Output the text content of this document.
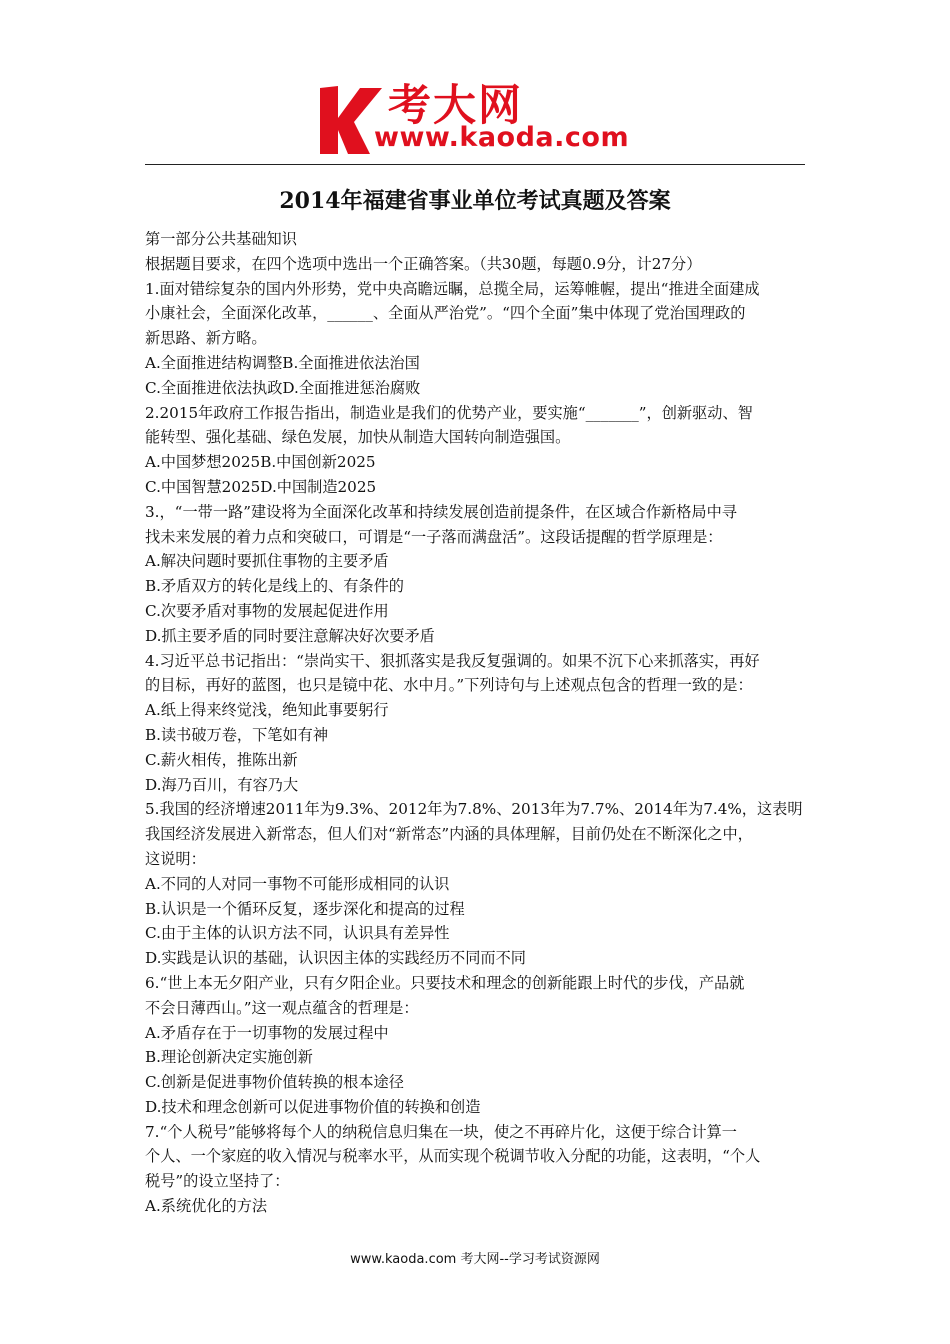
考大网
www.kaoda.com
2014年福建省事业单位考试真题及答案
第一部分公共基础知识
根据题目要求，在四个选项中选出一个正确答案。（共30题，每题0.9分，计27分）
1.面对错综复杂的国内外形势，党中央高瞻远瞩，总揽全局，运筹帷幄，提出“推进全面建成
小康社会，全面深化改革，______、全面从严治党”。“四个全面”集中体现了党治国理政的
新思路、新方略。
A.全面推进结构调整B.全面推进依法治国
C.全面推进依法执政D.全面推进惩治腐败
2.2015年政府工作报告指出，制造业是我们的优势产业，要实施“_______”，创新驱动、智
能转型、强化基础、绿色发展，加快从制造大国转向制造强国。
A.中国梦想2025B.中国创新2025
C.中国智慧2025D.中国制造2025
3.，“一带一路”建设将为全面深化改革和持续发展创造前提条件，在区域合作新格局中寻
找未来发展的着力点和突破口，可谓是“一子落而满盘活”。这段话提醒的哲学原理是：
A.解决问题时要抓住事物的主要矛盾
B.矛盾双方的转化是线上的、有条件的
C.次要矛盾对事物的发展起促进作用
D.抓主要矛盾的同时要注意解决好次要矛盾
4.习近平总书记指出：“崇尚实干、狠抓落实是我反复强调的。如果不沉下心来抓落实，再好
的目标，再好的蓝图，也只是镜中花、水中月。”下列诗句与上述观点包含的哲理一致的是：
A.纸上得来终觉浅，绝知此事要躬行
B.读书破万卷，下笔如有神
C.薪火相传，推陈出新
D.海乃百川，有容乃大
5.我国的经济增速2011年为9.3%、2012年为7.8%、2013年为7.7%、2014年为7.4%，这表明
我国经济发展进入新常态，但人们对“新常态”内涵的具体理解，目前仍处在不断深化之中，
这说明：
A.不同的人对同一事物不可能形成相同的认识
B.认识是一个循环反复，逐步深化和提高的过程
C.由于主体的认识方法不同，认识具有差异性
D.实践是认识的基础，认识因主体的实践经历不同而不同
6.“世上本无夕阳产业，只有夕阳企业。只要技术和理念的创新能跟上时代的步伐，产品就
不会日薄西山。”这一观点蕴含的哲理是：
A.矛盾存在于一切事物的发展过程中
B.理论创新决定实施创新
C.创新是促进事物价值转换的根本途径
D.技术和理念创新可以促进事物价值的转换和创造
7.“个人税号”能够将每个人的纳税信息归集在一块，使之不再碎片化，这便于综合计算一
个人、一个家庭的收入情况与税率水平，从而实现个税调节收入分配的功能，这表明，“个人
税号”的设立坚持了：
A.系统优化的方法
www.kaoda.com 考大网--学习考试资源网
